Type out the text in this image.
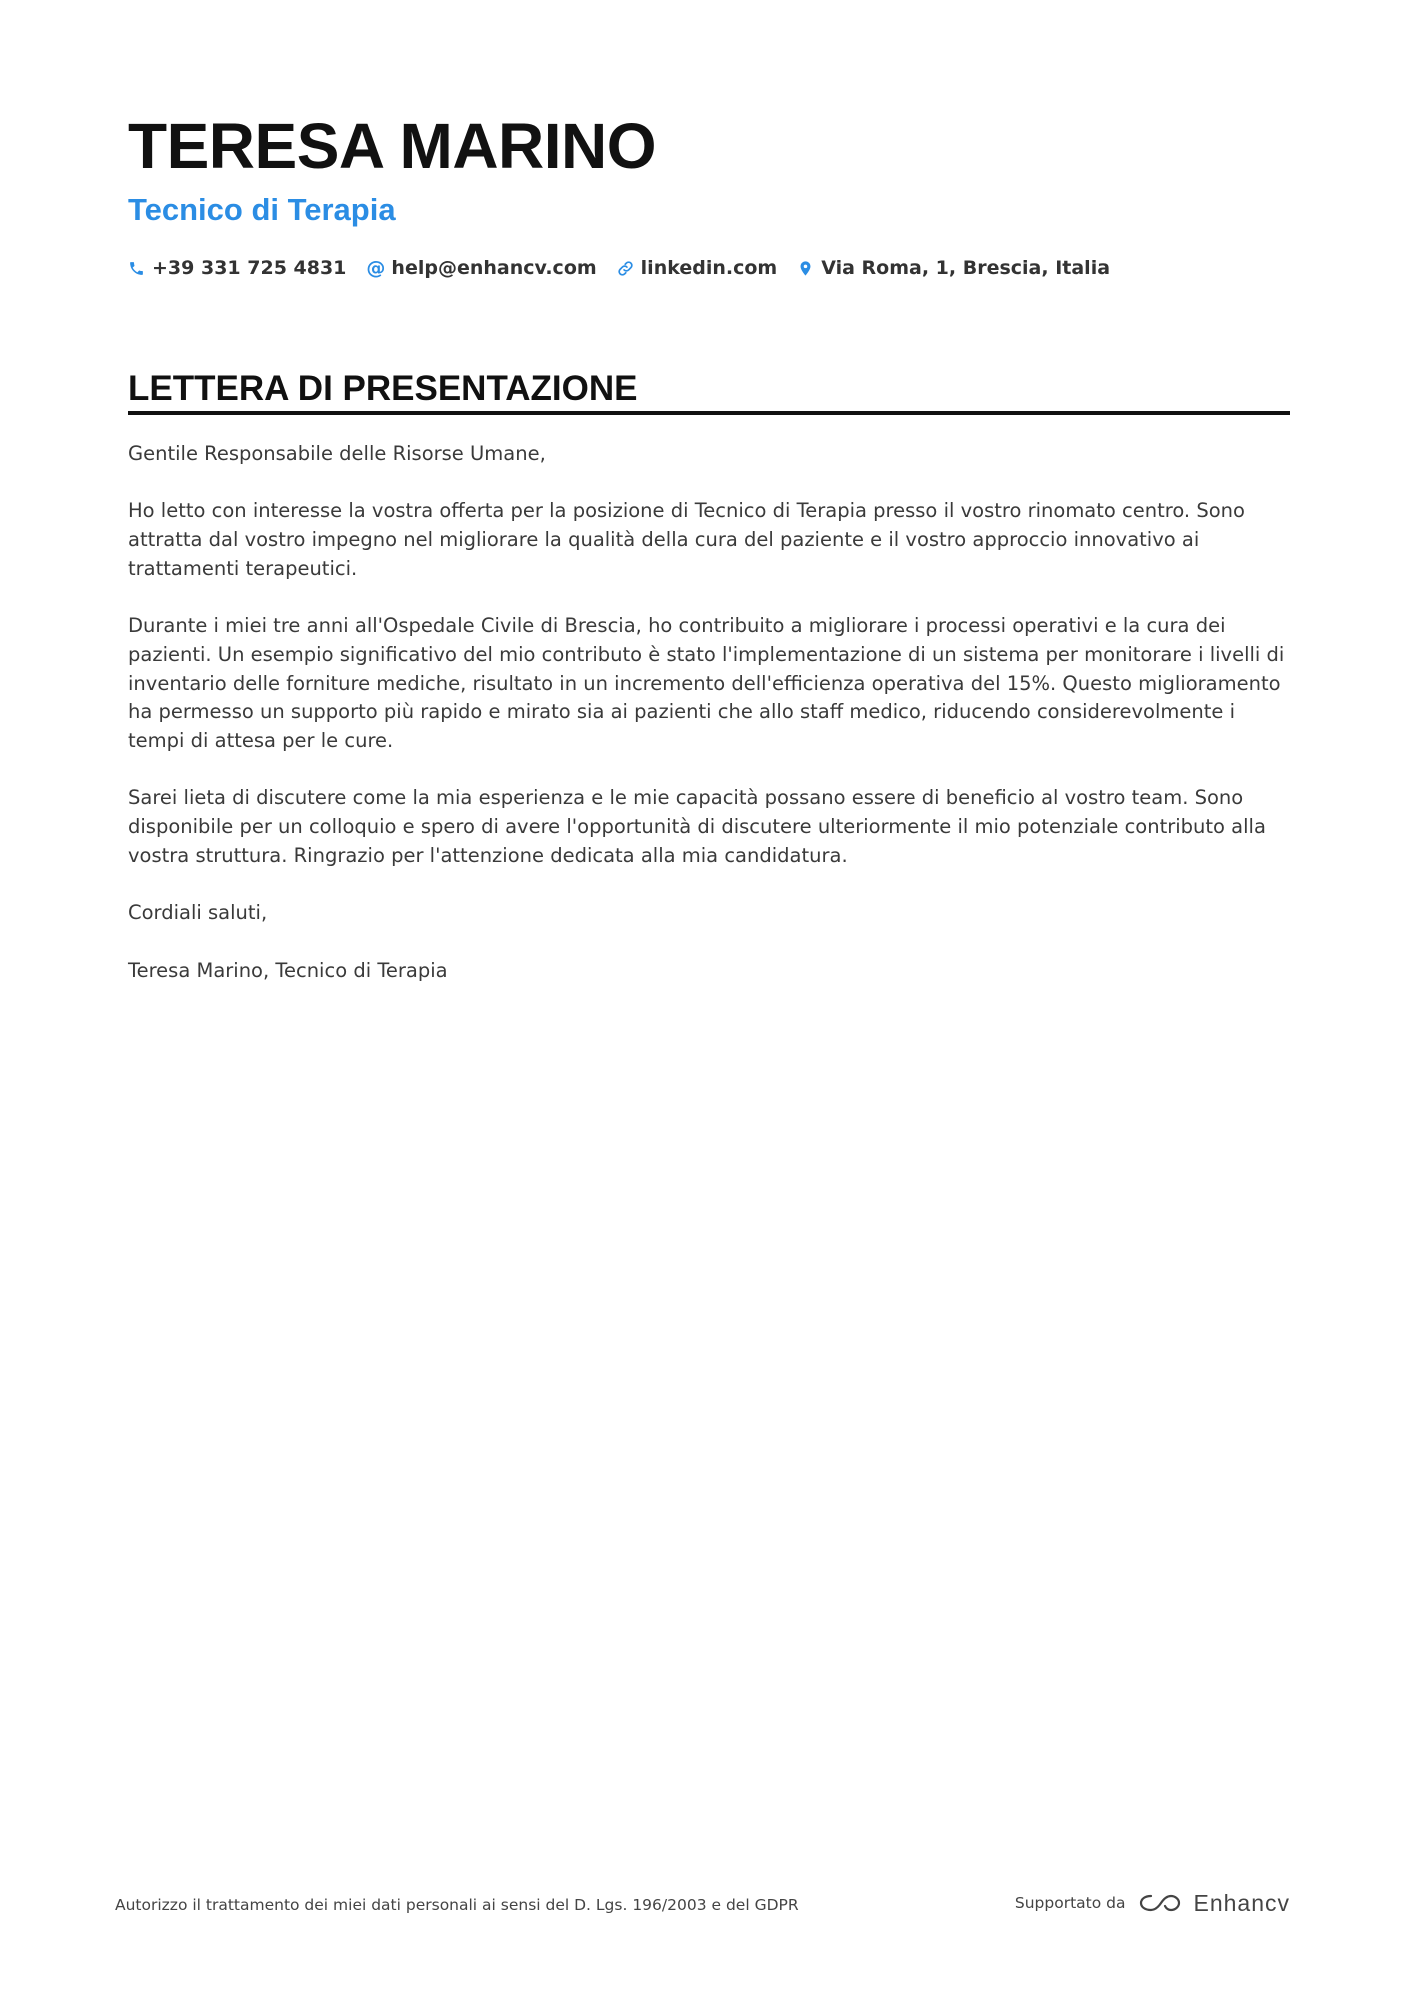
TERESA MARINO
Tecnico di Terapia
+39 331 725 4831 @ help@enhancv.com linkedin.com Via Roma, 1, Brescia, Italia
LETTERA DI PRESENTAZIONE

Gentile Responsabile delle Risorse Umane,

Ho letto con interesse la vostra offerta per la posizione di Tecnico di Terapia presso il vostro rinomato centro. Sono attratta dal vostro impegno nel migliorare la qualità della cura del paziente e il vostro approccio innovativo ai trattamenti terapeutici.

Durante i miei tre anni all'Ospedale Civile di Brescia, ho contribuito a migliorare i processi operativi e la cura dei pazienti. Un esempio significativo del mio contributo è stato l'implementazione di un sistema per monitorare i livelli di inventario delle forniture mediche, risultato in un incremento dell'efficienza operativa del 15%. Questo miglioramento ha permesso un supporto più rapido e mirato sia ai pazienti che allo staff medico, riducendo considerevolmente i tempi di attesa per le cure.

Sarei lieta di discutere come la mia esperienza e le mie capacità possano essere di beneficio al vostro team. Sono disponibile per un colloquio e spero di avere l'opportunità di discutere ulteriormente il mio potenziale contributo alla vostra struttura. Ringrazio per l'attenzione dedicata alla mia candidatura.

Cordiali saluti,

Teresa Marino, Tecnico di Terapia

Autorizzo il trattamento dei miei dati personali ai sensi del D. Lgs. 196/2003 e del GDPR	Supportato da	Enhancv
